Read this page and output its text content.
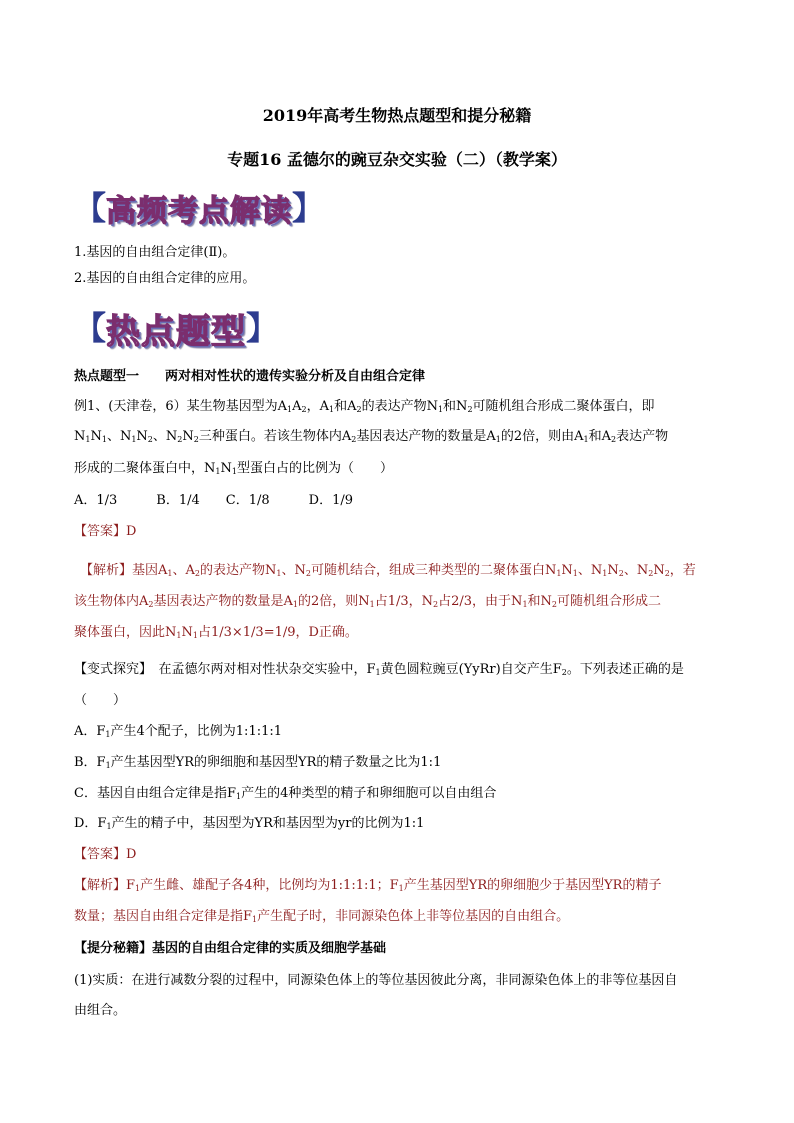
2019年高考生物热点题型和提分秘籍
专题16 孟德尔的豌豆杂交实验（二）（教学案）
【 高频考点解读 】
1.基因的自由组合定律(Ⅱ)。
2.基因的自由组合定律的应用。
【 热点题型 】
热点题型一　　两对相对性状的遗传实验分析及自由组合定律
例1、(天津卷，6）某生物基因型为$A_1A_2$，$A_1$和$A_2$的表达产物$N_1$和$N_2$可随机组合形成二聚体蛋白，即
$N_1N_1$、$N_1N_2$、$N_2N_2$三种蛋白。若该生物体内$A_2$基因表达产物的数量是$A_1$的2倍，则由$A_1$和$A_2$表达产物
形成的二聚体蛋白中，$N_1N_1$型蛋白占的比例为（　　）
A．1/3　　　B．1/4　　C．1/8　　　D．1/9
【答案】D
【解析】基因$A_1$、$A_2$的表达产物$N_1$、$N_2$可随机结合，组成三种类型的二聚体蛋白$N_1N_1$、$N_1N_2$、$N_2N_2$，若
该生物体内$A_2$基因表达产物的数量是$A_1$的2倍，则$N_1$占1/3，$N_2$占2/3，由于$N_1$和$N_2$可随机组合形成二
聚体蛋白，因此$N_1N_1$占1/3×1/3=1/9，D正确。
【变式探究】　在孟德尔两对相对性状杂交实验中，$F_1$黄色圆粒豌豆(YyRr)自交产生$F_2$。下列表述正确的是
（　　）
A．$F_1$产生4个配子，比例为1:1:1:1
B．$F_1$产生基因型YR的卵细胞和基因型YR的精子数量之比为1:1
C．基因自由组合定律是指$F_1$产生的4种类型的精子和卵细胞可以自由组合
D．$F_1$产生的精子中，基因型为YR和基因型为yr的比例为1:1
【答案】D
【解析】$F_1$产生雌、雄配子各4种，比例均为1:1:1:1；$F_1$产生基因型YR的卵细胞少于基因型YR的精子
数量；基因自由组合定律是指$F_1$产生配子时，非同源染色体上非等位基因的自由组合。
【提分秘籍】基因的自由组合定律的实质及细胞学基础
(1)实质：在进行减数分裂的过程中，同源染色体上的等位基因彼此分离，非同源染色体上的非等位基因自
由组合。
